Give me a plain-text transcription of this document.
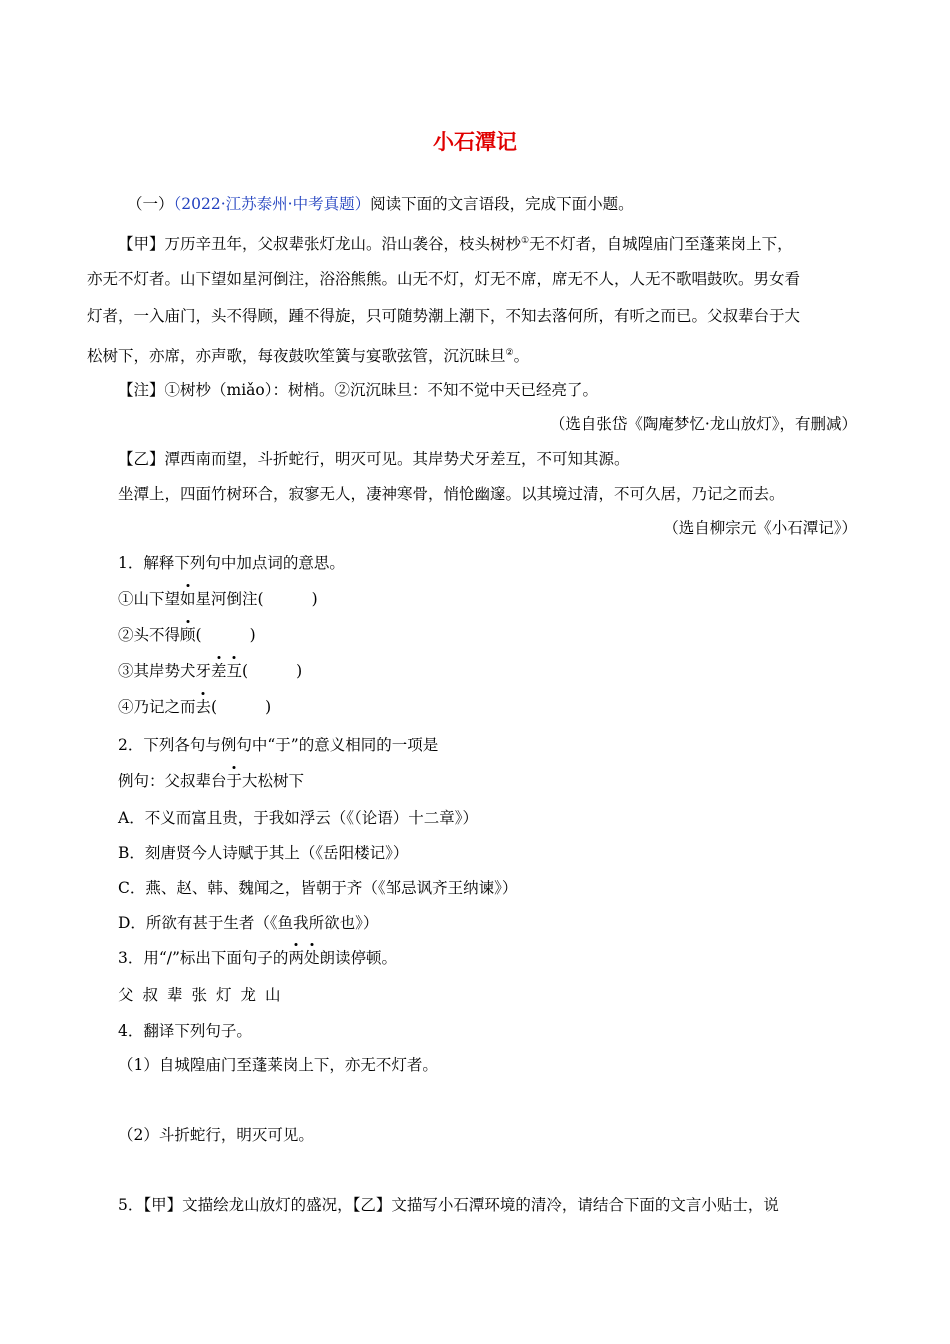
小石潭记
（一）（2022·江苏泰州·中考真题）阅读下面的文言语段，完成下面小题。
【甲】万历辛丑年，父叔辈张灯龙山。沿山袭谷，枝头树杪①无不灯者，自城隍庙门至蓬莱岗上下，
亦无不灯者。山下望如星河倒注，浴浴熊熊。山无不灯，灯无不席，席无不人，人无不歌唱鼓吹。男女看
灯者，一入庙门，头不得顾，踵不得旋，只可随势潮上潮下，不知去落何所，有听之而已。父叔辈台于大
松树下，亦席，亦声歌，每夜鼓吹笙簧与宴歌弦管，沉沉昧旦②。
【注】①树杪（miǎo）：树梢。②沉沉昧旦：不知不觉中天已经亮了。
（选自张岱《陶庵梦忆·龙山放灯》，有删减）
【乙】潭西南而望，斗折蛇行，明灭可见。其岸势犬牙差互，不可知其源。
坐潭上，四面竹树环合，寂寥无人，凄神寒骨，悄怆幽邃。以其境过清，不可久居，乃记之而去。
（选自柳宗元《小石潭记》）
1．解释下列句中加点词的意思。
①山下望如星河倒注(	)
②头不得顾(	)
③其岸势犬牙差互(	)
④乃记之而去(	)
2．下列各句与例句中“于”的意义相同的一项是
例句：父叔辈台于大松树下
A．不义而富且贵，于我如浮云（《（论语）十二章》）
B．刻唐贤今人诗赋于其上（《岳阳楼记》）
C．燕、赵、韩、魏闻之，皆朝于齐（《邹忌讽齐王纳谏》）
D．所欲有甚于生者（《鱼我所欲也》）
3．用“/”标出下面句子的两处朗读停顿。
父叔辈张灯龙山
4．翻译下列句子。
（1）自城隍庙门至蓬莱岗上下，亦无不灯者。
（2）斗折蛇行，明灭可见。
5．【甲】文描绘龙山放灯的盛况，【乙】文描写小石潭环境的清冷，请结合下面的文言小贴士，说
